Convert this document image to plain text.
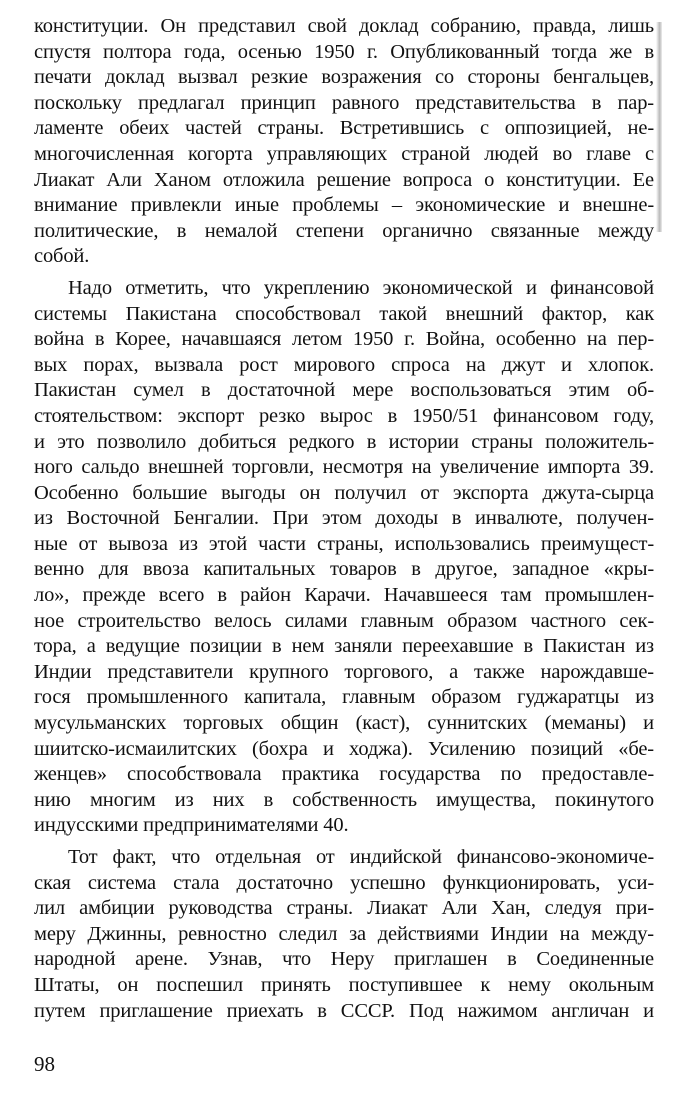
конституции. Он представил свой доклад собранию, правда, лишь
спустя полтора года, осенью 1950 г. Опубликованный тогда же в
печати доклад вызвал резкие возражения со стороны бенгальцев,
поскольку предлагал принцип равного представительства в пар-
ламенте обеих частей страны. Встретившись с оппозицией, не-
многочисленная когорта управляющих страной людей во главе с
Лиакат Али Ханом отложила решение вопроса о конституции. Ее
внимание привлекли иные проблемы – экономические и внешне-
политические, в немалой степени органично связанные между
собой.
Надо отметить, что укреплению экономической и финансовой
системы Пакистана способствовал такой внешний фактор, как
война в Корее, начавшаяся летом 1950 г. Война, особенно на пер-
вых порах, вызвала рост мирового спроса на джут и хлопок.
Пакистан сумел в достаточной мере воспользоваться этим об-
стоятельством: экспорт резко вырос в 1950/51 финансовом году,
и это позволило добиться редкого в истории страны положитель-
ного сальдо внешней торговли, несмотря на увеличение импорта 39.
Особенно большие выгоды он получил от экспорта джута-сырца
из Восточной Бенгалии. При этом доходы в инвалюте, получен-
ные от вывоза из этой части страны, использовались преимущест-
венно для ввоза капитальных товаров в другое, западное «кры-
ло», прежде всего в район Карачи. Начавшееся там промышлен-
ное строительство велось силами главным образом частного сек-
тора, а ведущие позиции в нем заняли переехавшие в Пакистан из
Индии представители крупного торгового, а также нарождавше-
гося промышленного капитала, главным образом гуджаратцы из
мусульманских торговых общин (каст), суннитских (меманы) и
шиитско-исмаилитских (бохра и ходжа). Усилению позиций «бе-
женцев» способствовала практика государства по предоставле-
нию многим из них в собственность имущества, покинутого
индусскими предпринимателями 40.
Тот факт, что отдельная от индийской финансово-экономиче-
ская система стала достаточно успешно функционировать, уси-
лил амбиции руководства страны. Лиакат Али Хан, следуя при-
меру Джинны, ревностно следил за действиями Индии на между-
народной арене. Узнав, что Неру приглашен в Соединенные
Штаты, он поспешил принять поступившее к нему окольным
путем приглашение приехать в СССР. Под нажимом англичан и
98
